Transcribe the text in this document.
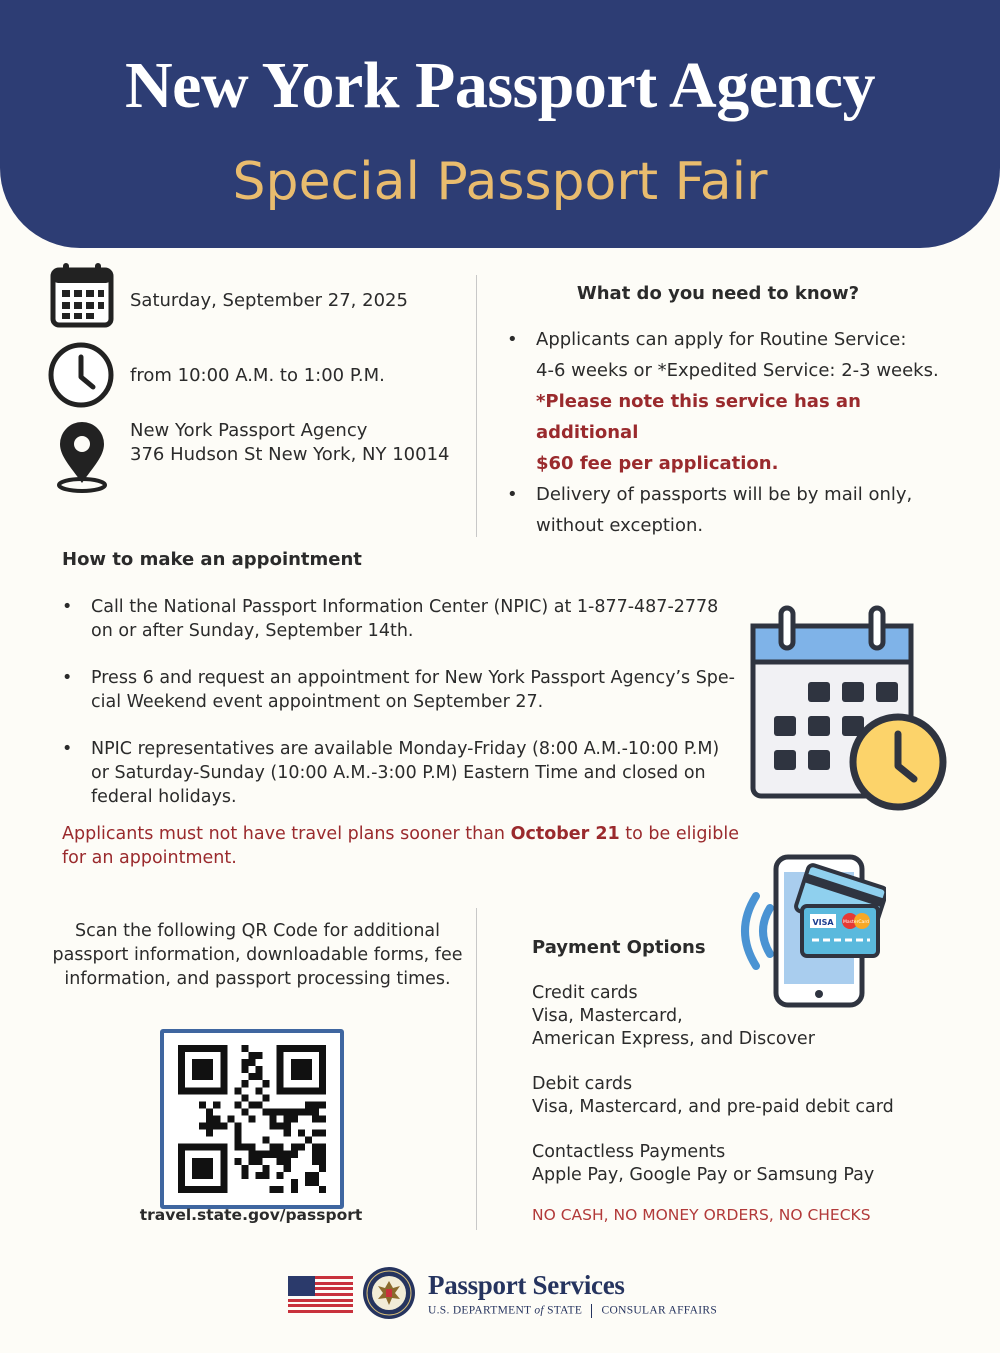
New York Passport Agency
Special Passport Fair
Saturday, September 27, 2025
from 10:00 A.M. to 1:00 P.M.
New York Passport Agency
376 Hudson St New York, NY 10014
What do you need to know?
• Applicants can apply for Routine Service:
4-6 weeks or *Expedited Service: 2-3 weeks.
*Please note this service has an additional
$60 fee per application.
• Delivery of passports will be by mail only,
without exception.
How to make an appointment
• Call the National Passport Information Center (NPIC) at 1-877-487-2778
on or after Sunday, September 14th.
• Press 6 and request an appointment for New York Passport Agency’s Spe-
cial Weekend event appointment on September 27.
• NPIC representatives are available Monday-Friday (8:00 A.M.-10:00 P.M)
or Saturday-Sunday (10:00 A.M.-3:00 P.M) Eastern Time and closed on
federal holidays.
Applicants must not have travel plans sooner than October 21 to be eligible
for an appointment.
Scan the following QR Code for additional
passport information, downloadable forms, fee
information, and passport processing times.
travel.state.gov/passport
VISA MasterCard
Payment Options
Credit cards
Visa, Mastercard,
American Express, and Discover
Debit cards
Visa, Mastercard, and pre-paid debit card
Contactless Payments
Apple Pay, Google Pay or Samsung Pay
NO CASH, NO MONEY ORDERS, NO CHECKS
Passport Services
U.S. DEPARTMENT of STATE CONSULAR AFFAIRS
